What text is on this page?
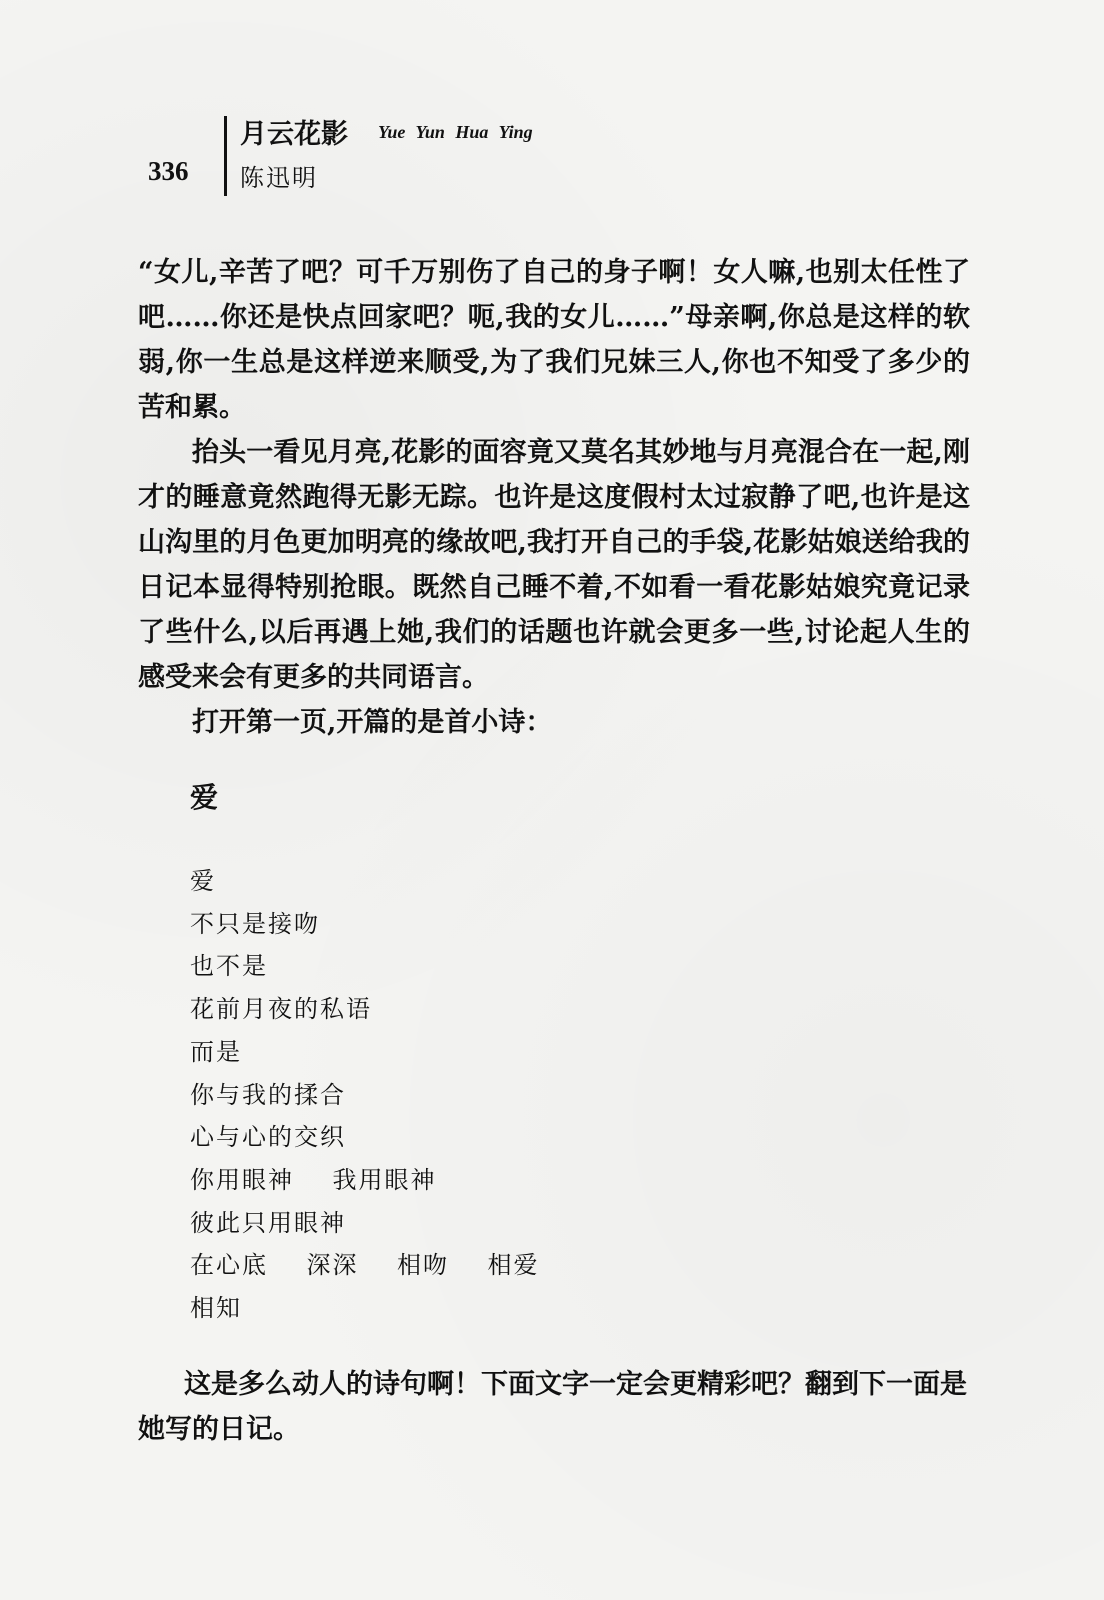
336
月云花影 Yue Yun Hua Ying
陈迅明

“女儿,辛苦了吧？可千万别伤了自己的身子啊！女人嘛,也别太任性了吧……你还是快点回家吧？呃,我的女儿……”母亲啊,你总是这样的软弱,你一生总是这样逆来顺受,为了我们兄妹三人,你也不知受了多少的苦和累。

抬头一看见月亮,花影的面容竟又莫名其妙地与月亮混合在一起,刚才的睡意竟然跑得无影无踪。也许是这度假村太过寂静了吧,也许是这山沟里的月色更加明亮的缘故吧,我打开自己的手袋,花影姑娘送给我的日记本显得特别抢眼。既然自己睡不着,不如看一看花影姑娘究竟记录了些什么,以后再遇上她,我们的话题也许就会更多一些,讨论起人生的感受来会有更多的共同语言。

打开第一页,开篇的是首小诗：

爱
爱
不只是接吻
也不是
花前月夜的私语
而是
你与我的揉合
心与心的交织
你用眼神    我用眼神
彼此只用眼神
在心底    深深    相吻    相爱
相知

这是多么动人的诗句啊！下面文字一定会更精彩吧？翻到下一面是她写的日记。
